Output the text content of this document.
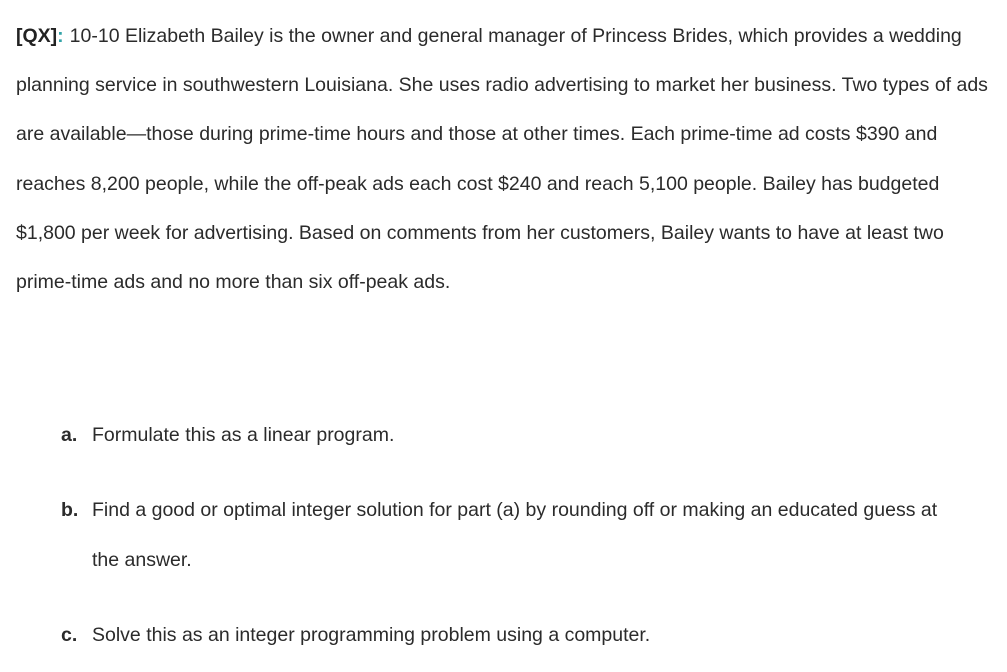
[QX]: 10-10 Elizabeth Bailey is the owner and general manager of Princess Brides, which provides a wedding planning service in southwestern Louisiana. She uses radio advertising to market her business. Two types of ads are available—those during prime-time hours and those at other times. Each prime-time ad costs $390 and reaches 8,200 people, while the off-peak ads each cost $240 and reach 5,100 people. Bailey has budgeted $1,800 per week for advertising. Based on comments from her customers, Bailey wants to have at least two prime-time ads and no more than six off-peak ads.

a. Formulate this as a linear program.
b. Find a good or optimal integer solution for part (a) by rounding off or making an educated guess at the answer.
c. Solve this as an integer programming problem using a computer.
